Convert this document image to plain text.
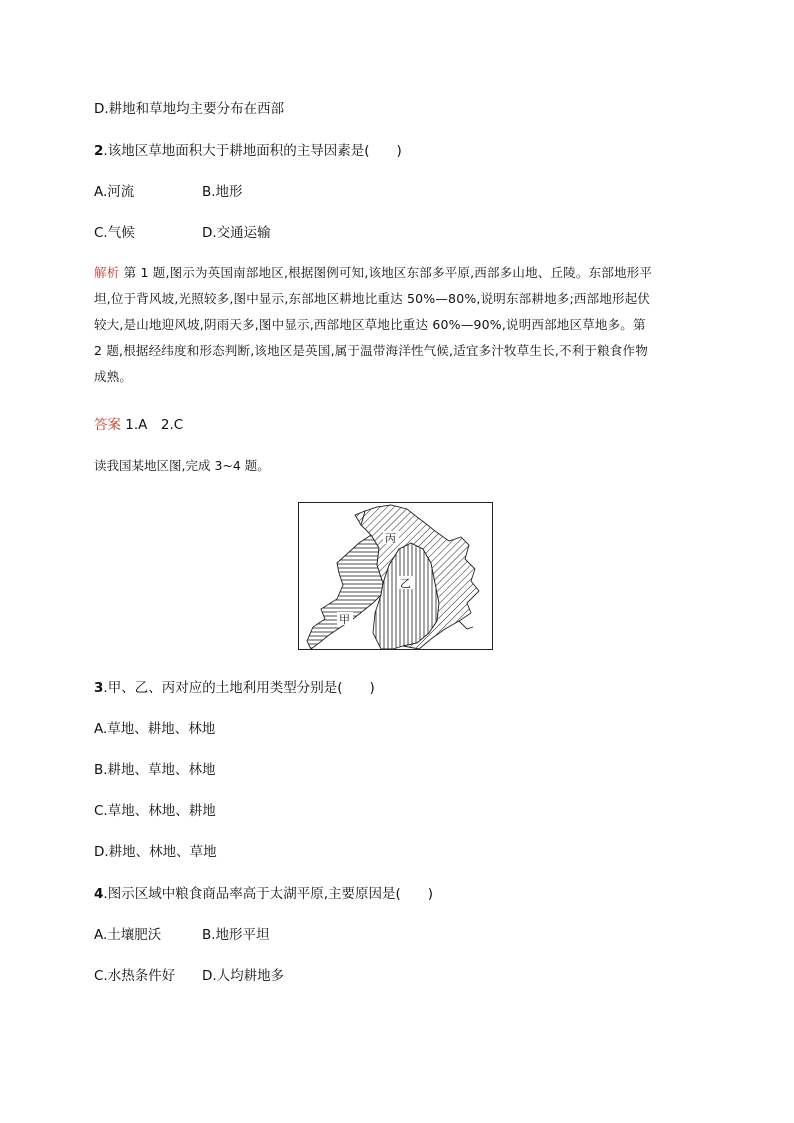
D.耕地和草地均主要分布在西部
2.该地区草地面积大于耕地面积的主导因素是(　　)
A.河流	B.地形
C.气候	D.交通运输
解析 第 1 题,图示为英国南部地区,根据图例可知,该地区东部多平原,西部多山地、丘陵。东部地形平
坦,位于背风坡,光照较多,图中显示,东部地区耕地比重达 50%—80%,说明东部耕地多;西部地形起伏
较大,是山地迎风坡,阴雨天多,图中显示,西部地区草地比重达 60%—90%,说明西部地区草地多。第
2 题,根据经纬度和形态判断,该地区是英国,属于温带海洋性气候,适宜多汁牧草生长,不利于粮食作物
成熟。
答案 1.A　2.C
读我国某地区图,完成 3~4 题。
丙
乙
甲
3.甲、乙、丙对应的土地利用类型分别是(　　)
A.草地、耕地、林地
B.耕地、草地、林地
C.草地、林地、耕地
D.耕地、林地、草地
4.图示区域中粮食商品率高于太湖平原,主要原因是(　　)
A.土壤肥沃	B.地形平坦
C.水热条件好 D.人均耕地多
